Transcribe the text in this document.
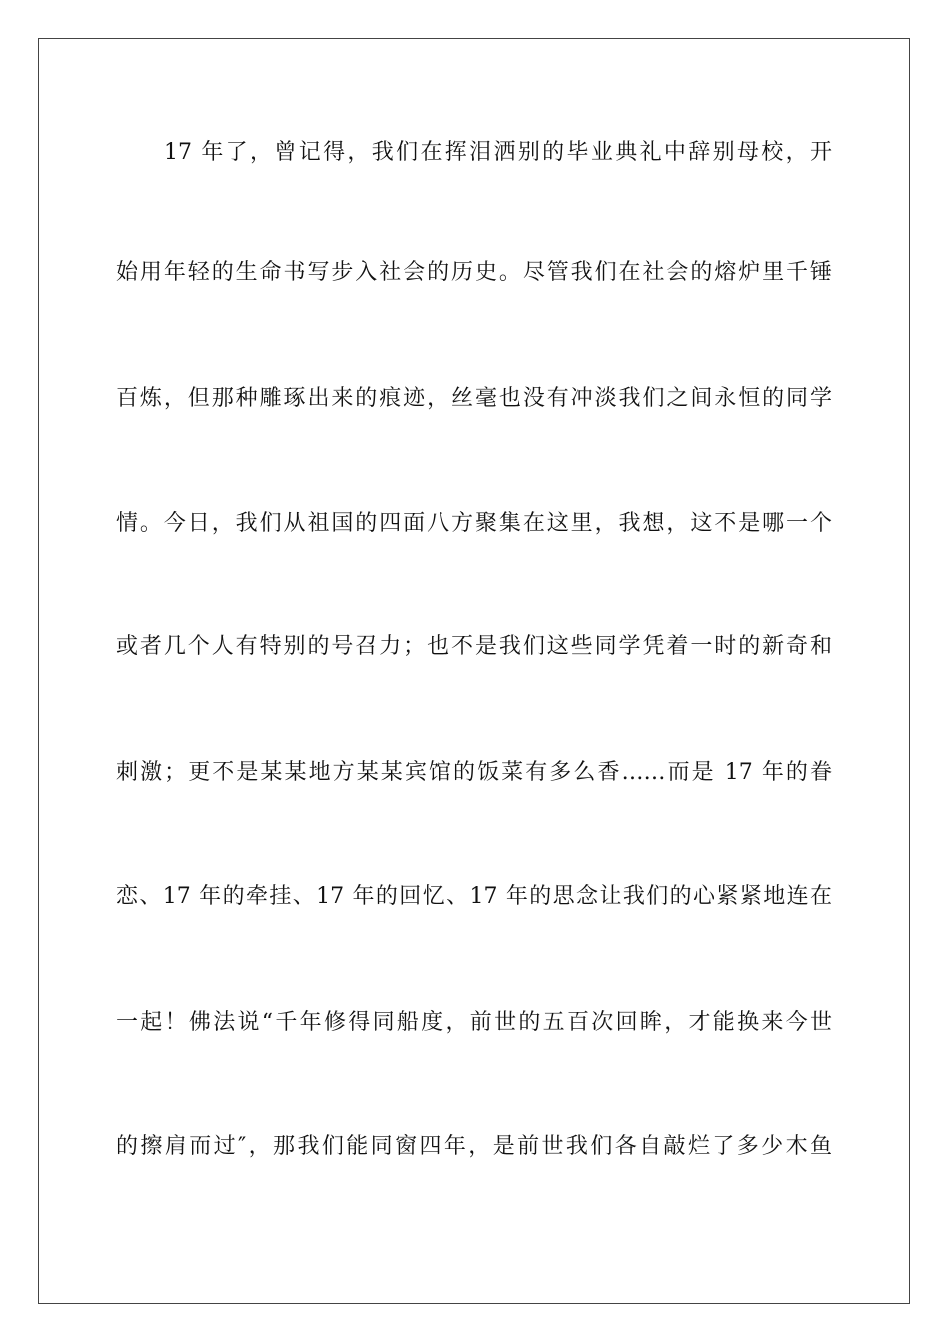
17 年了，曾记得，我们在挥泪洒别的毕业典礼中辞别母校，开
始用年轻的生命书写步入社会的历史。尽管我们在社会的熔炉里千锤
百炼，但那种雕琢出来的痕迹，丝毫也没有冲淡我们之间永恒的同学
情。今日，我们从祖国的四面八方聚集在这里，我想，这不是哪一个
或者几个人有特别的号召力；也不是我们这些同学凭着一时的新奇和
刺激；更不是某某地方某某宾馆的饭菜有多么香……而是 17 年的眷
恋、17 年的牵挂、17 年的回忆、17 年的思念让我们的心紧紧地连在
一起！佛法说“千年修得同船度，前世的五百次回眸，才能换来今世
的擦肩而过″，那我们能同窗四年，是前世我们各自敲烂了多少木鱼
